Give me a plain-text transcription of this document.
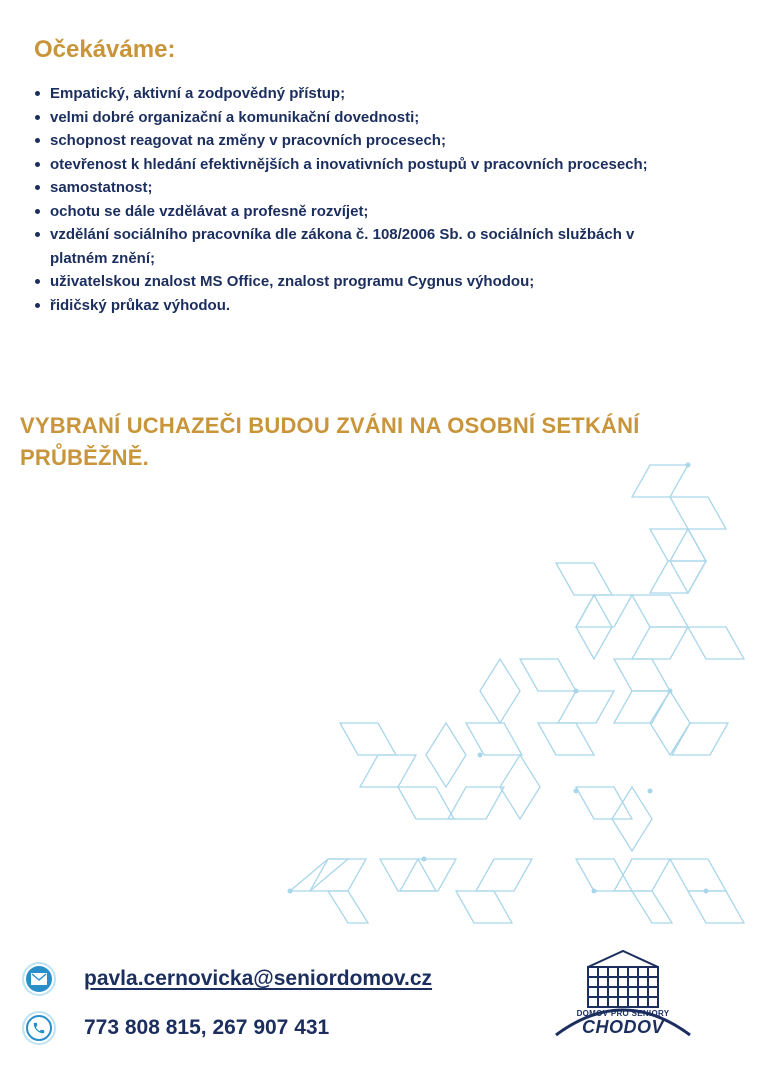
Očekáváme:
Empatický, aktivní a zodpovědný přístup;
velmi dobré organizační a komunikační dovednosti;
schopnost reagovat na změny v pracovních procesech;
otevřenost k hledání efektivnějších a inovativních postupů v pracovních procesech;
samostatnost;
ochotu se dále vzdělávat a profesně rozvíjet;
vzdělání sociálního pracovníka dle zákona č. 108/2006 Sb. o sociálních službách v platném znění;
uživatelskou znalost MS Office, znalost programu Cygnus výhodou;
řidičský průkaz výhodou.

VYBRANÍ UCHAZEČI BUDOU ZVÁNI NA OSOBNÍ SETKÁNÍ
PRŮBĚŽNĚ.

pavla.cernovicka@seniordomov.cz
773 808 815, 267 907 431
DOMOV PRO SENIORY
CHODOV
